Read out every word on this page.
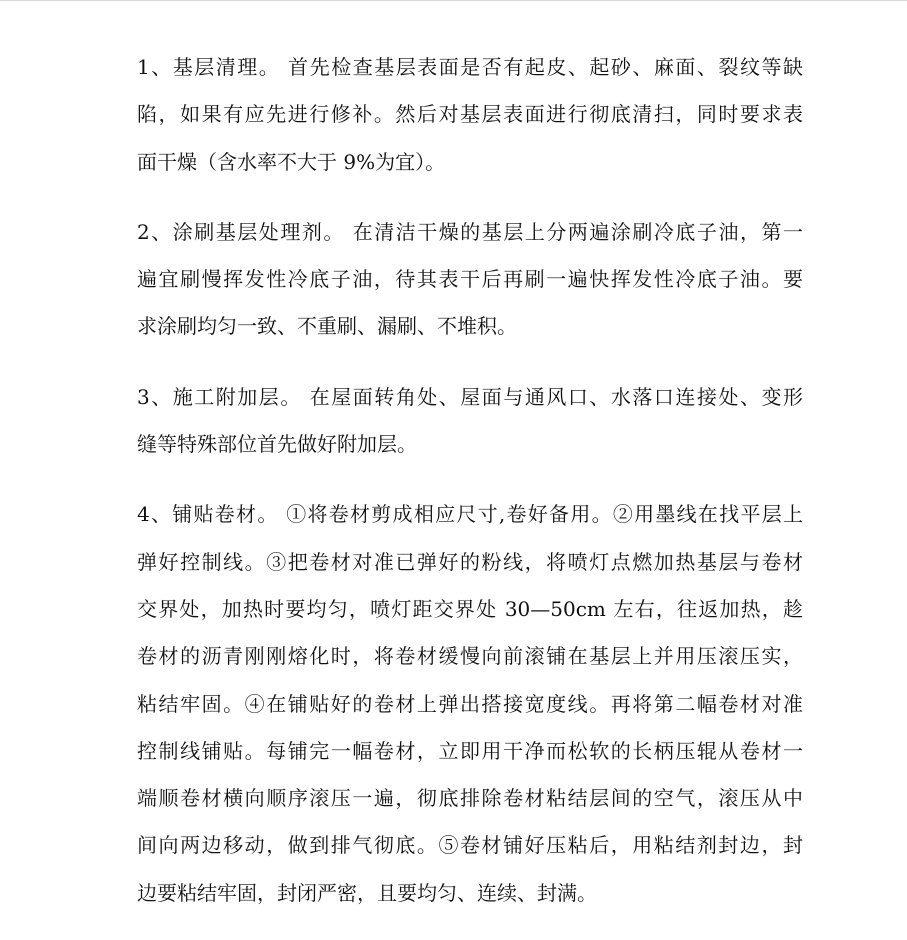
1、基层清理。 首先检查基层表面是否有起皮、起砂、麻面、裂纹等缺
陷，如果有应先进行修补。然后对基层表面进行彻底清扫，同时要求表
面干燥（含水率不大于 9%为宜）。
2、涂刷基层处理剂。 在清洁干燥的基层上分两遍涂刷冷底子油，第一
遍宜刷慢挥发性冷底子油，待其表干后再刷一遍快挥发性冷底子油。要
求涂刷均匀一致、不重刷、漏刷、不堆积。
3、施工附加层。 在屋面转角处、屋面与通风口、水落口连接处、变形
缝等特殊部位首先做好附加层。
4、铺贴卷材。 ①将卷材剪成相应尺寸,卷好备用。②用墨线在找平层上
弹好控制线。③把卷材对准已弹好的粉线，将喷灯点燃加热基层与卷材
交界处，加热时要均匀，喷灯距交界处 30—50cm 左右，往返加热，趁
卷材的沥青刚刚熔化时，将卷材缓慢向前滚铺在基层上并用压滚压实，
粘结牢固。④在铺贴好的卷材上弹出搭接宽度线。再将第二幅卷材对准
控制线铺贴。每铺完一幅卷材，立即用干净而松软的长柄压辊从卷材一
端顺卷材横向顺序滚压一遍，彻底排除卷材粘结层间的空气，滚压从中
间向两边移动，做到排气彻底。⑤卷材铺好压粘后，用粘结剂封边，封
边要粘结牢固，封闭严密，且要均匀、连续、封满。
